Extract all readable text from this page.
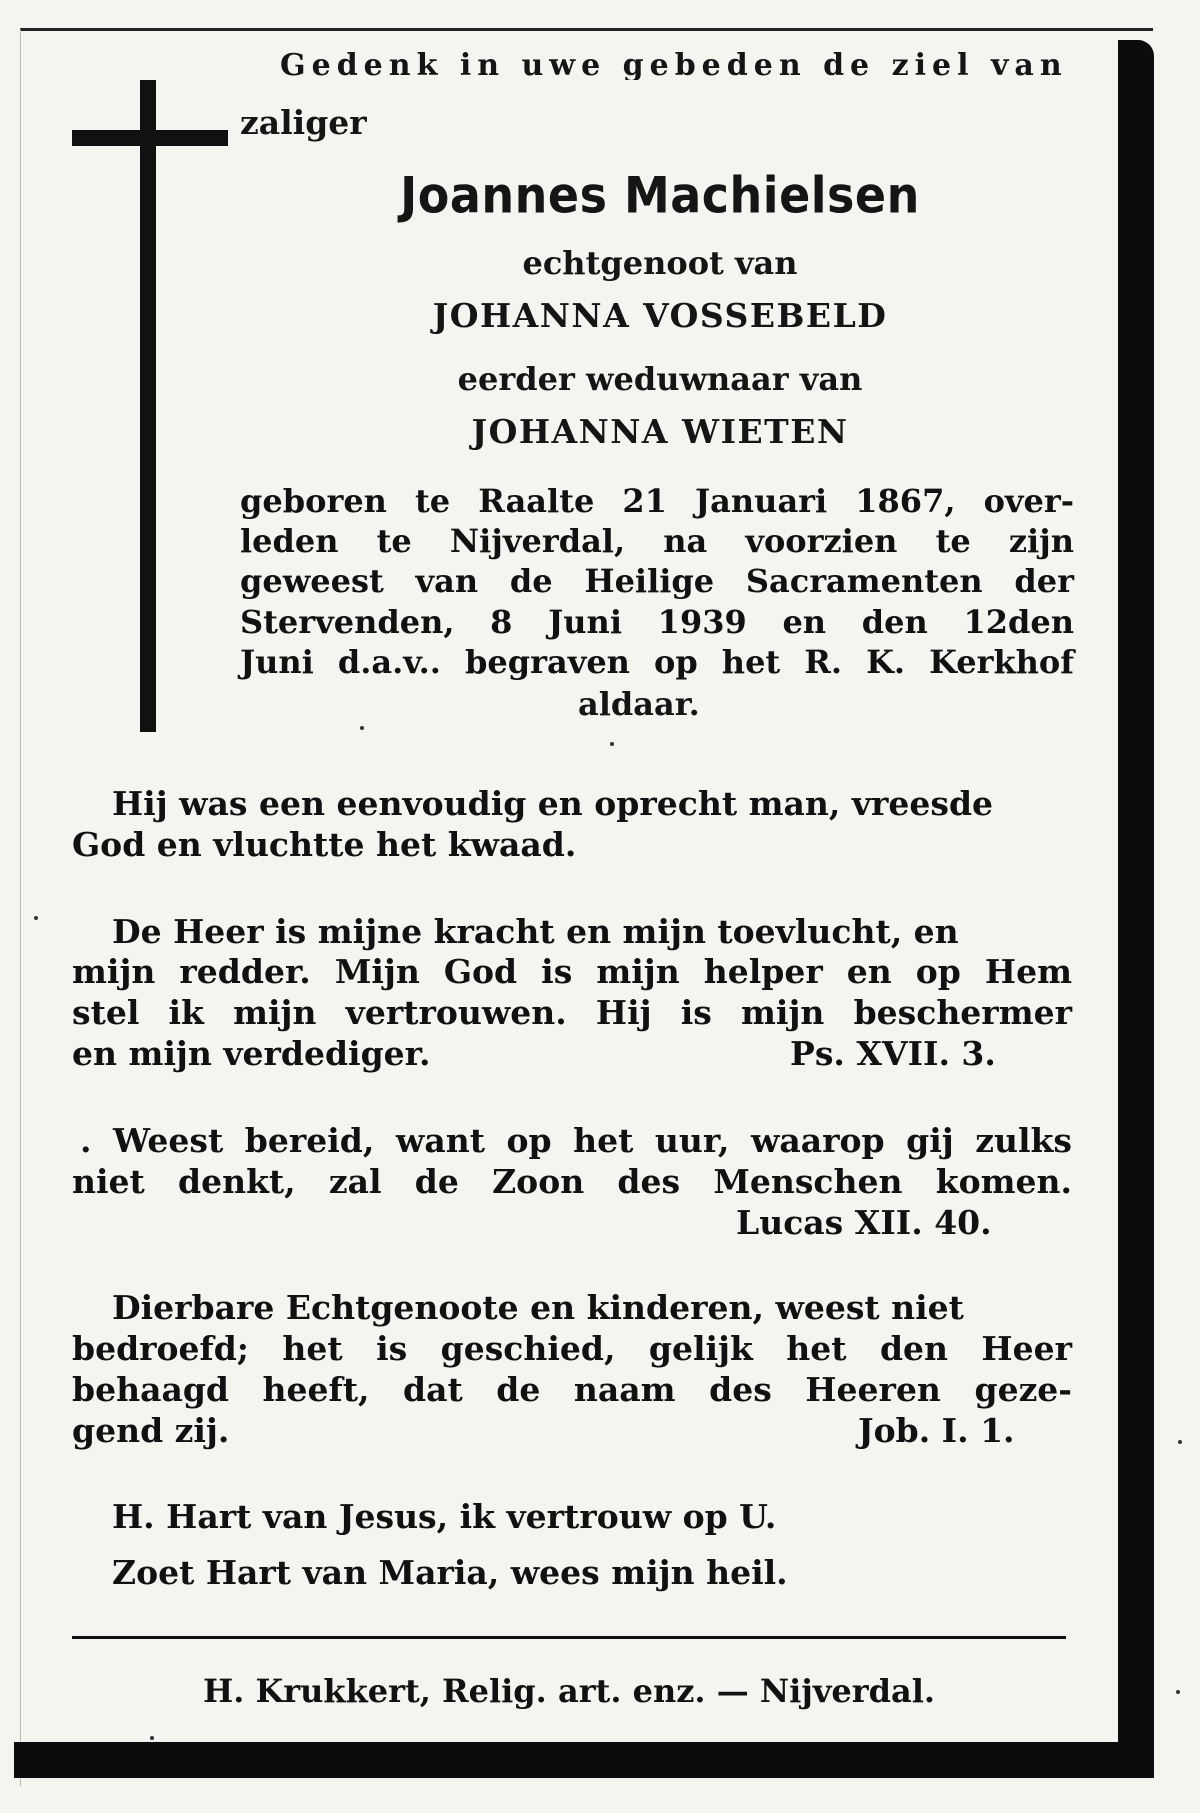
Gedenk in uwe gebeden de ziel van

zaliger

Joannes Machielsen

echtgenoot van

JOHANNA VOSSEBELD

eerder weduwnaar van

JOHANNA WIETEN

geboren te Raalte 21 Januari 1867, over-

leden te Nijverdal, na voorzien te zijn

geweest van de Heilige Sacramenten der

Stervenden, 8 Juni 1939 en den 12den

Juni d.a.v.. begraven op het R. K. Kerkhof

aldaar.

Hij was een eenvoudig en oprecht man, vreesde

God en vluchtte het kwaad.

De Heer is mijne kracht en mijn toevlucht, en

mijn redder. Mijn God is mijn helper en op Hem

stel ik mijn vertrouwen. Hij is mijn beschermer

en mijn verdediger.	Ps. XVII. 3.

. Weest bereid, want op het uur, waarop gij zulks

niet denkt, zal de Zoon des Menschen komen.

Lucas XII. 40.

Dierbare Echtgenoote en kinderen, weest niet

bedroefd; het is geschied, gelijk het den Heer

behaagd heeft, dat de naam des Heeren geze-

gend zij.	Job. I. 1.

H. Hart van Jesus, ik vertrouw op U.

Zoet Hart van Maria, wees mijn heil.

H. Krukkert, Relig. art. enz. — Nijverdal.
